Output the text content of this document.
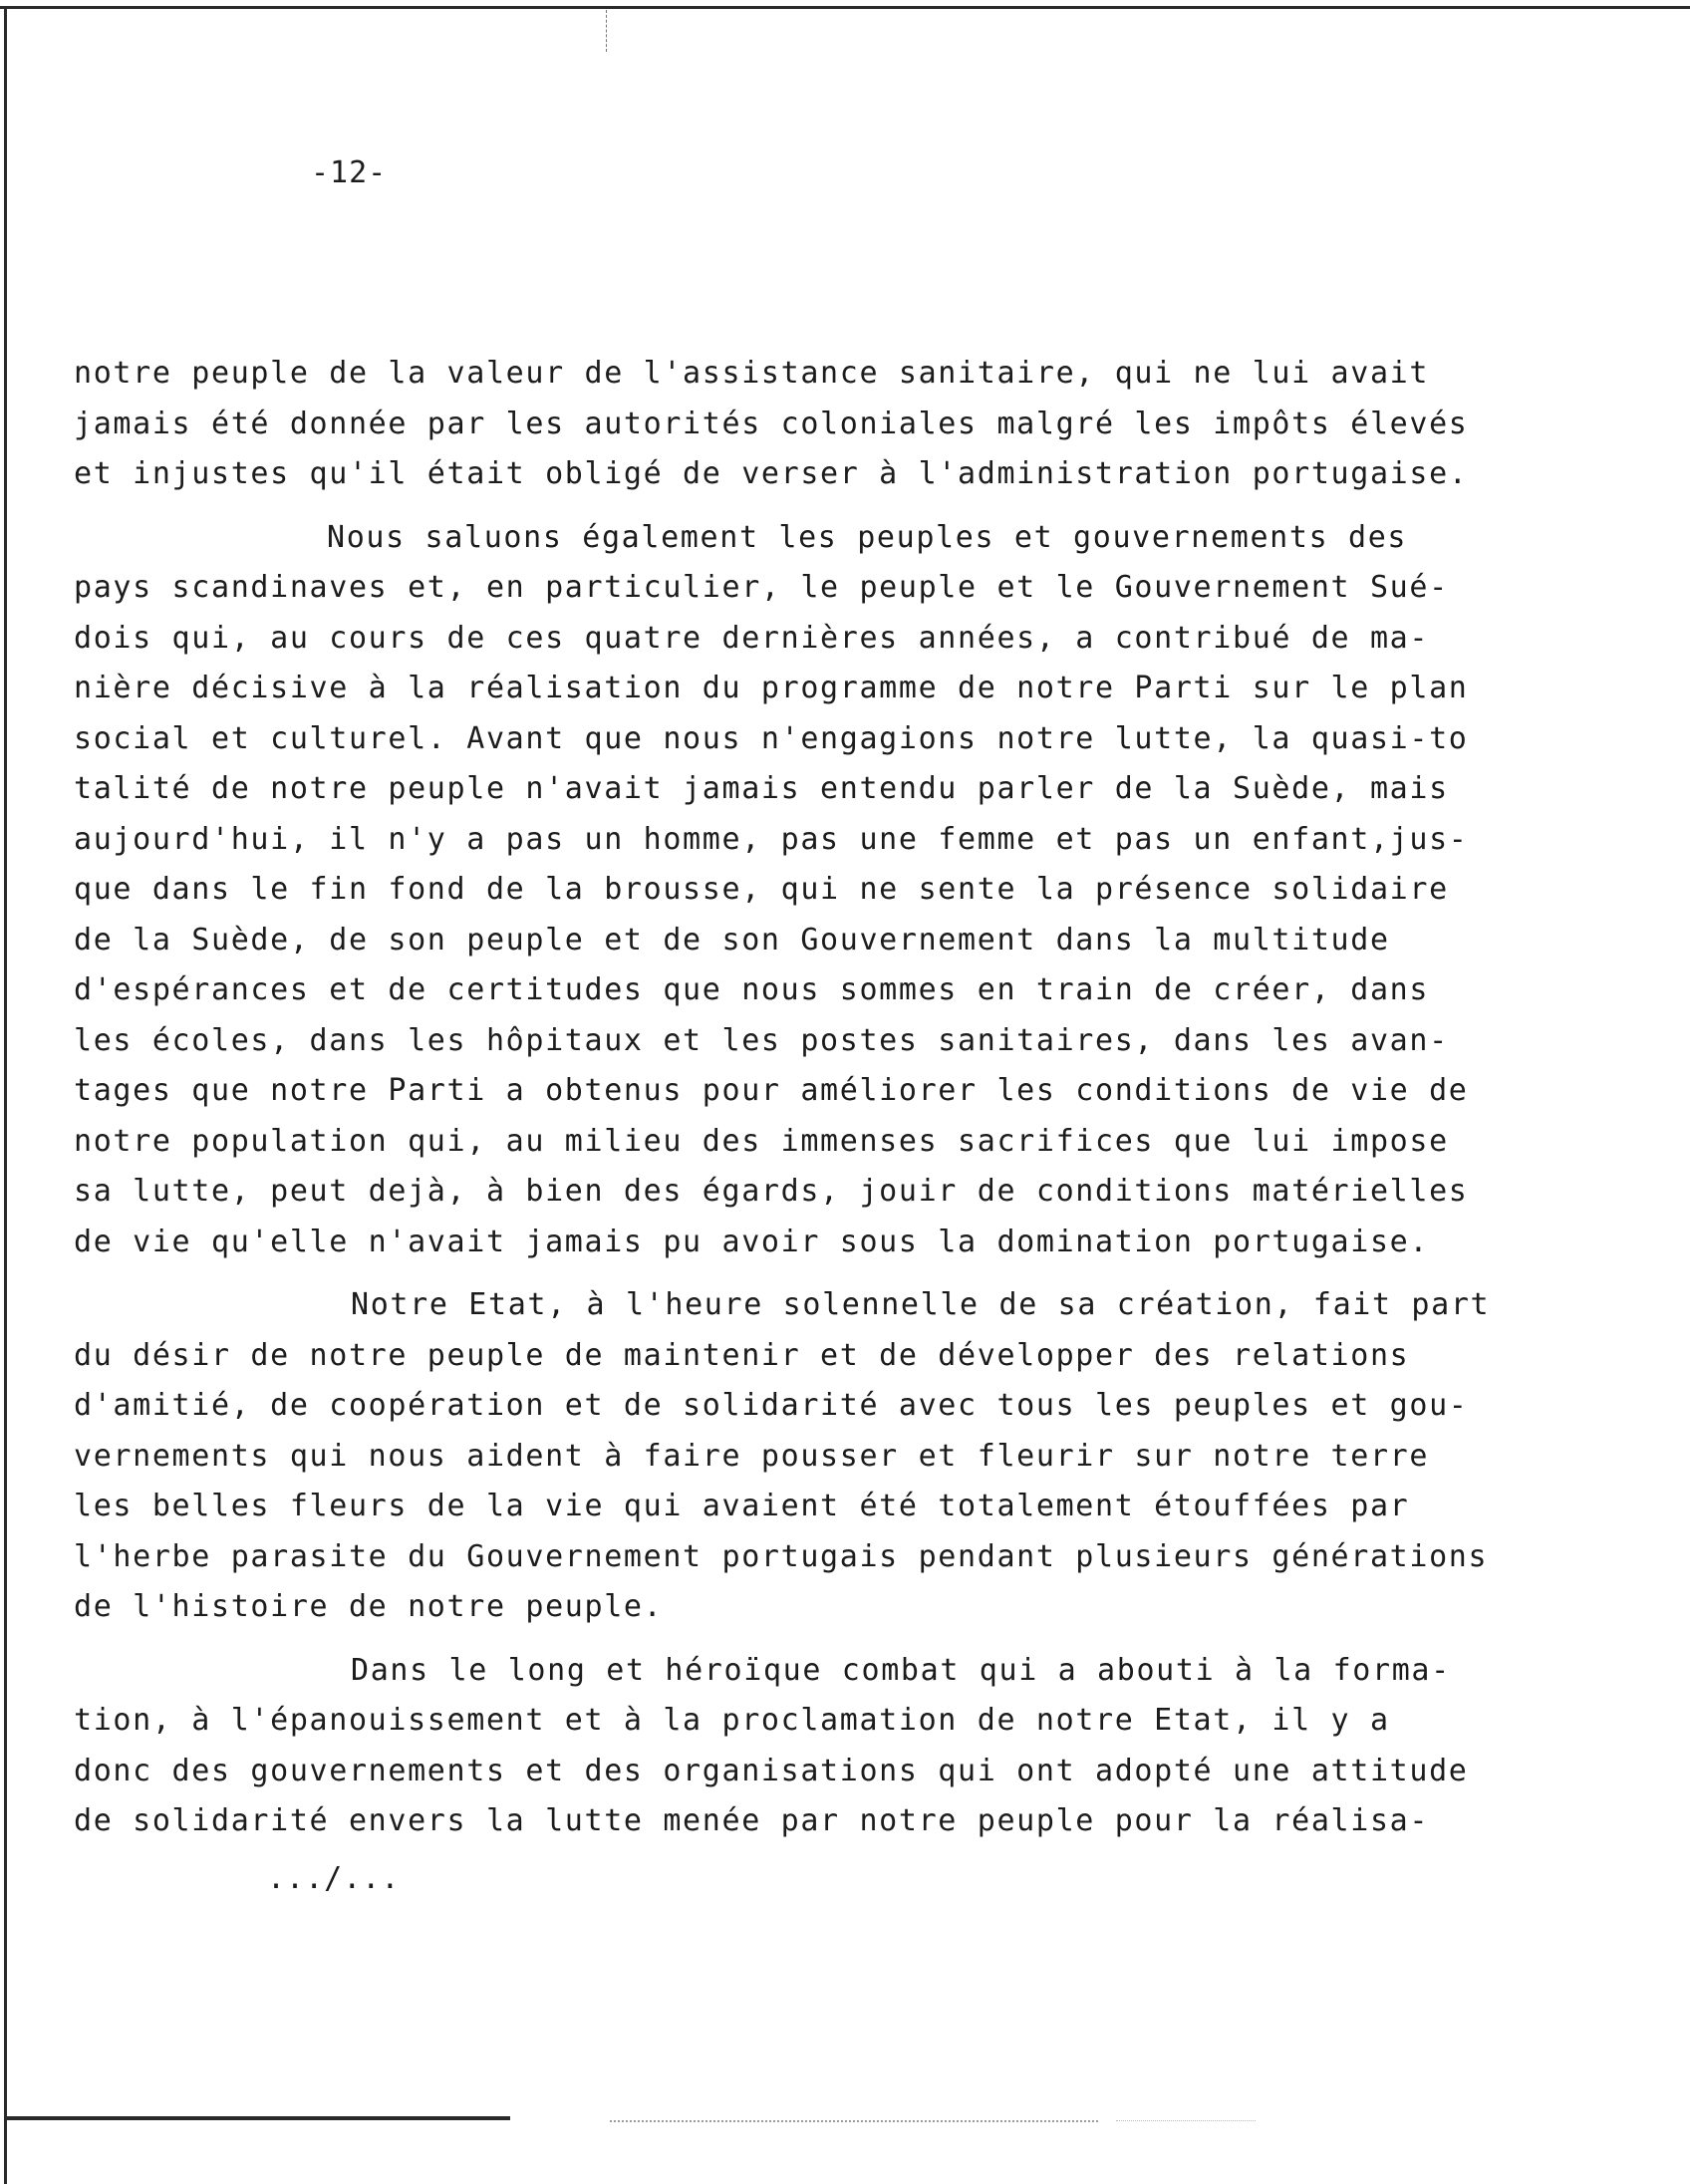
-12-
notre peuple de la valeur de l'assistance sanitaire, qui ne lui avait
jamais été donnée par les autorités coloniales malgré les impôts élevés
et injustes qu'il était obligé de verser à l'administration portugaise.
Nous saluons également les peuples et gouvernements des
pays scandinaves et, en particulier, le peuple et le Gouvernement Sué-
dois qui, au cours de ces quatre dernières années, a contribué de ma-
nière décisive à la réalisation du programme de notre Parti sur le plan
social et culturel. Avant que nous n'engagions notre lutte, la quasi-to
talité de notre peuple n'avait jamais entendu parler de la Suède, mais
aujourd'hui, il n'y a pas un homme, pas une femme et pas un enfant,jus-
que dans le fin fond de la brousse, qui ne sente la présence solidaire
de la Suède, de son peuple et de son Gouvernement dans la multitude
d'espérances et de certitudes que nous sommes en train de créer, dans
les écoles, dans les hôpitaux et les postes sanitaires, dans les avan-
tages que notre Parti a obtenus pour améliorer les conditions de vie de
notre population qui, au milieu des immenses sacrifices que lui impose
sa lutte, peut dejà, à bien des égards, jouir de conditions matérielles
de vie qu'elle n'avait jamais pu avoir sous la domination portugaise.
Notre Etat, à l'heure solennelle de sa création, fait part
du désir de notre peuple de maintenir et de développer des relations
d'amitié, de coopération et de solidarité avec tous les peuples et gou-
vernements qui nous aident à faire pousser et fleurir sur notre terre
les belles fleurs de la vie qui avaient été totalement étouffées par
l'herbe parasite du Gouvernement portugais pendant plusieurs générations
de l'histoire de notre peuple.
Dans le long et héroïque combat qui a abouti à la forma-
tion, à l'épanouissement et à la proclamation de notre Etat, il y a
donc des gouvernements et des organisations qui ont adopté une attitude
de solidarité envers la lutte menée par notre peuple pour la réalisa-
.../...
